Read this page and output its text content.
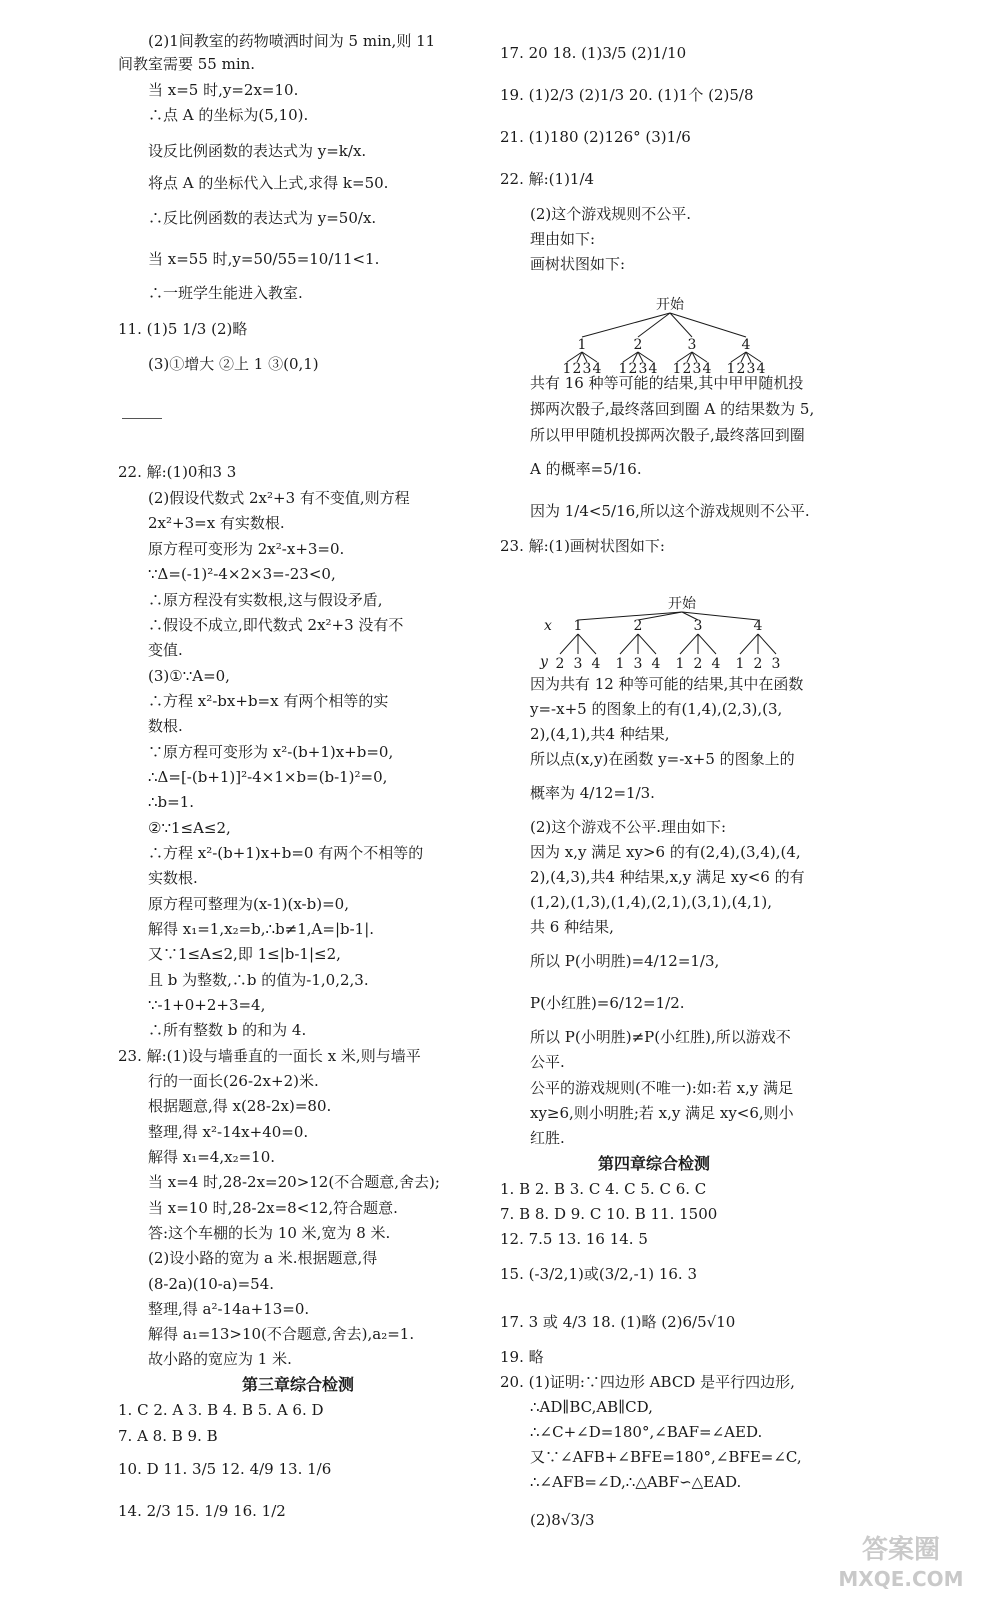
(2)1间教室的药物喷洒时间为 5 min,则 11
间教室需要 55 min.
当 x=5 时,y=2x=10.
∴点 A 的坐标为(5,10).
设反比例函数的表达式为 y=k/x.
将点 A 的坐标代入上式,求得 k=50.
∴反比例函数的表达式为 y=50/x.
当 x=55 时,y=50/55=10/11<1.
∴一班学生能进入教室.
11. (1)5 1/3 (2)略
(3)①增大 ②上 1 ③(0,1)
22. 解:(1)0和3 3
(2)假设代数式 2x²+3 有不变值,则方程
2x²+3=x 有实数根.
原方程可变形为 2x²-x+3=0.
∵Δ=(-1)²-4×2×3=-23<0,
∴原方程没有实数根,这与假设矛盾,
∴假设不成立,即代数式 2x²+3 没有不
变值.
(3)①∵A=0,
∴方程 x²-bx+b=x 有两个相等的实
数根.
∵原方程可变形为 x²-(b+1)x+b=0,
∴Δ=[-(b+1)]²-4×1×b=(b-1)²=0,
∴b=1.
②∵1≤A≤2,
∴方程 x²-(b+1)x+b=0 有两个不相等的
实数根.
原方程可整理为(x-1)(x-b)=0,
解得 x₁=1,x₂=b,∴b≠1,A=|b-1|.
又∵1≤A≤2,即 1≤|b-1|≤2,
且 b 为整数,∴b 的值为-1,0,2,3.
∵-1+0+2+3=4,
∴所有整数 b 的和为 4.
23. 解:(1)设与墙垂直的一面长 x 米,则与墙平
行的一面长(26-2x+2)米.
根据题意,得 x(28-2x)=80.
整理,得 x²-14x+40=0.
解得 x₁=4,x₂=10.
当 x=4 时,28-2x=20>12(不合题意,舍去);
当 x=10 时,28-2x=8<12,符合题意.
答:这个车棚的长为 10 米,宽为 8 米.
(2)设小路的宽为 a 米.根据题意,得
(8-2a)(10-a)=54.
整理,得 a²-14a+13=0.
解得 a₁=13>10(不合题意,舍去),a₂=1.
故小路的宽应为 1 米.
第三章综合检测
1. C 2. A 3. B 4. B 5. A 6. D
7. A 8. B 9. B
10. D 11. 3/5 12. 4/9 13. 1/6
14. 2/3 15. 1/9 16. 1/2
17. 20 18. (1)3/5 (2)1/10
19. (1)2/3 (2)1/3 20. (1)1个 (2)5/8
21. (1)180 (2)126° (3)1/6
22. 解:(1)1/4
(2)这个游戏规则不公平.
理由如下:
画树状图如下:
共有 16 种等可能的结果,其中甲甲随机投
掷两次骰子,最终落回到圈 A 的结果数为 5,
所以甲甲随机投掷两次骰子,最终落回到圈
A 的概率=5/16.
因为 1/4<5/16,所以这个游戏规则不公平.
23. 解:(1)画树状图如下:
因为共有 12 种等可能的结果,其中在函数
y=-x+5 的图象上的有(1,4),(2,3),(3,
2),(4,1),共4 种结果,
所以点(x,y)在函数 y=-x+5 的图象上的
概率为 4/12=1/3.
(2)这个游戏不公平.理由如下:
因为 x,y 满足 xy>6 的有(2,4),(3,4),(4,
2),(4,3),共4 种结果,x,y 满足 xy<6 的有
(1,2),(1,3),(1,4),(2,1),(3,1),(4,1),
共 6 种结果,
所以 P(小明胜)=4/12=1/3,
P(小红胜)=6/12=1/2.
所以 P(小明胜)≠P(小红胜),所以游戏不
公平.
公平的游戏规则(不唯一):如:若 x,y 满足
xy≥6,则小明胜;若 x,y 满足 xy<6,则小
红胜.
第四章综合检测
1. B 2. B 3. C 4. C 5. C 6. C
7. B 8. D 9. C 10. B 11. 1500
12. 7.5 13. 16 14. 5
15. (-3/2,1)或(3/2,-1) 16. 3
17. 3 或 4/3 18. (1)略 (2)6/5√10
19. 略
20. (1)证明:∵四边形 ABCD 是平行四边形,
∴AD∥BC,AB∥CD,
∴∠C+∠D=180°,∠BAF=∠AED.
又∵∠AFB+∠BFE=180°,∠BFE=∠C,
∴∠AFB=∠D,∴△ABF∽△EAD.
(2)8√3/3
开始
1
1 2 3 4
2
1 2 3 4
3
1 2 3 4
4
1 2 3 4
开始
x
y
1
2 3 4
2
1 3 4
3
1 2 4
4
1 2 3
答案圈
MXQE.COM
